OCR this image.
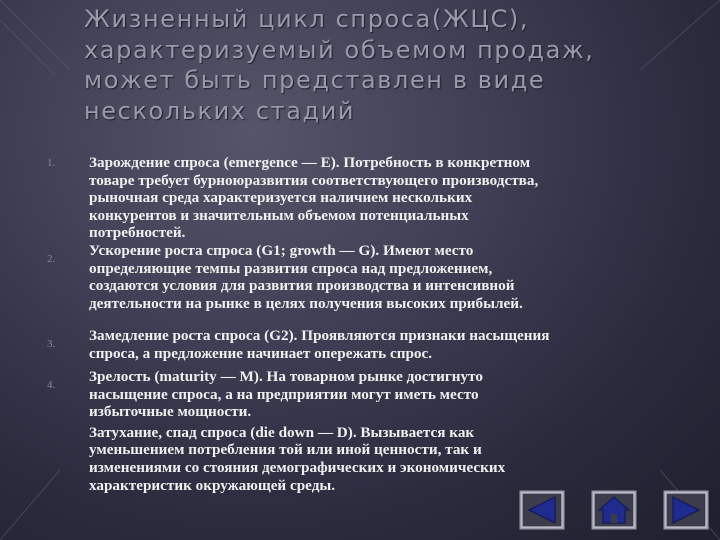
Жизненный цикл спроса(ЖЦС),
характеризуемый объемом продаж,
может быть представлен в виде
нескольких стадий
1.	Зарождение спроса (emergence — E). Потребность в конкретном
товаре требует бурноюразвития соответствующего производства,
рыночная среда характеризуется наличием нескольких
конкурентов и значительным объемом потенциальных
потребностей.
2.	Ускорение роста спроса (G1; growth — G). Имеют место
определяющие темпы развития спроса над предложением,
создаются условия для развития производства и интенсивной
деятельности на рынке в целях получения высоких прибылей.
3.	Замедление роста спроса (G2). Проявляются признаки насыщения
спроса, а предложение начинает опережать спрос.
4.	Зрелость (maturity — M). На товарном рынке достигнуто
насыщение спроса, а на предприятии могут иметь место
избыточные мощности.
Затухание, спад спроса (die down — D). Вызывается как
уменьшением потребления той или иной ценности, так и
изменениями со стояния демографических и экономических
характеристик окружающей среды.
